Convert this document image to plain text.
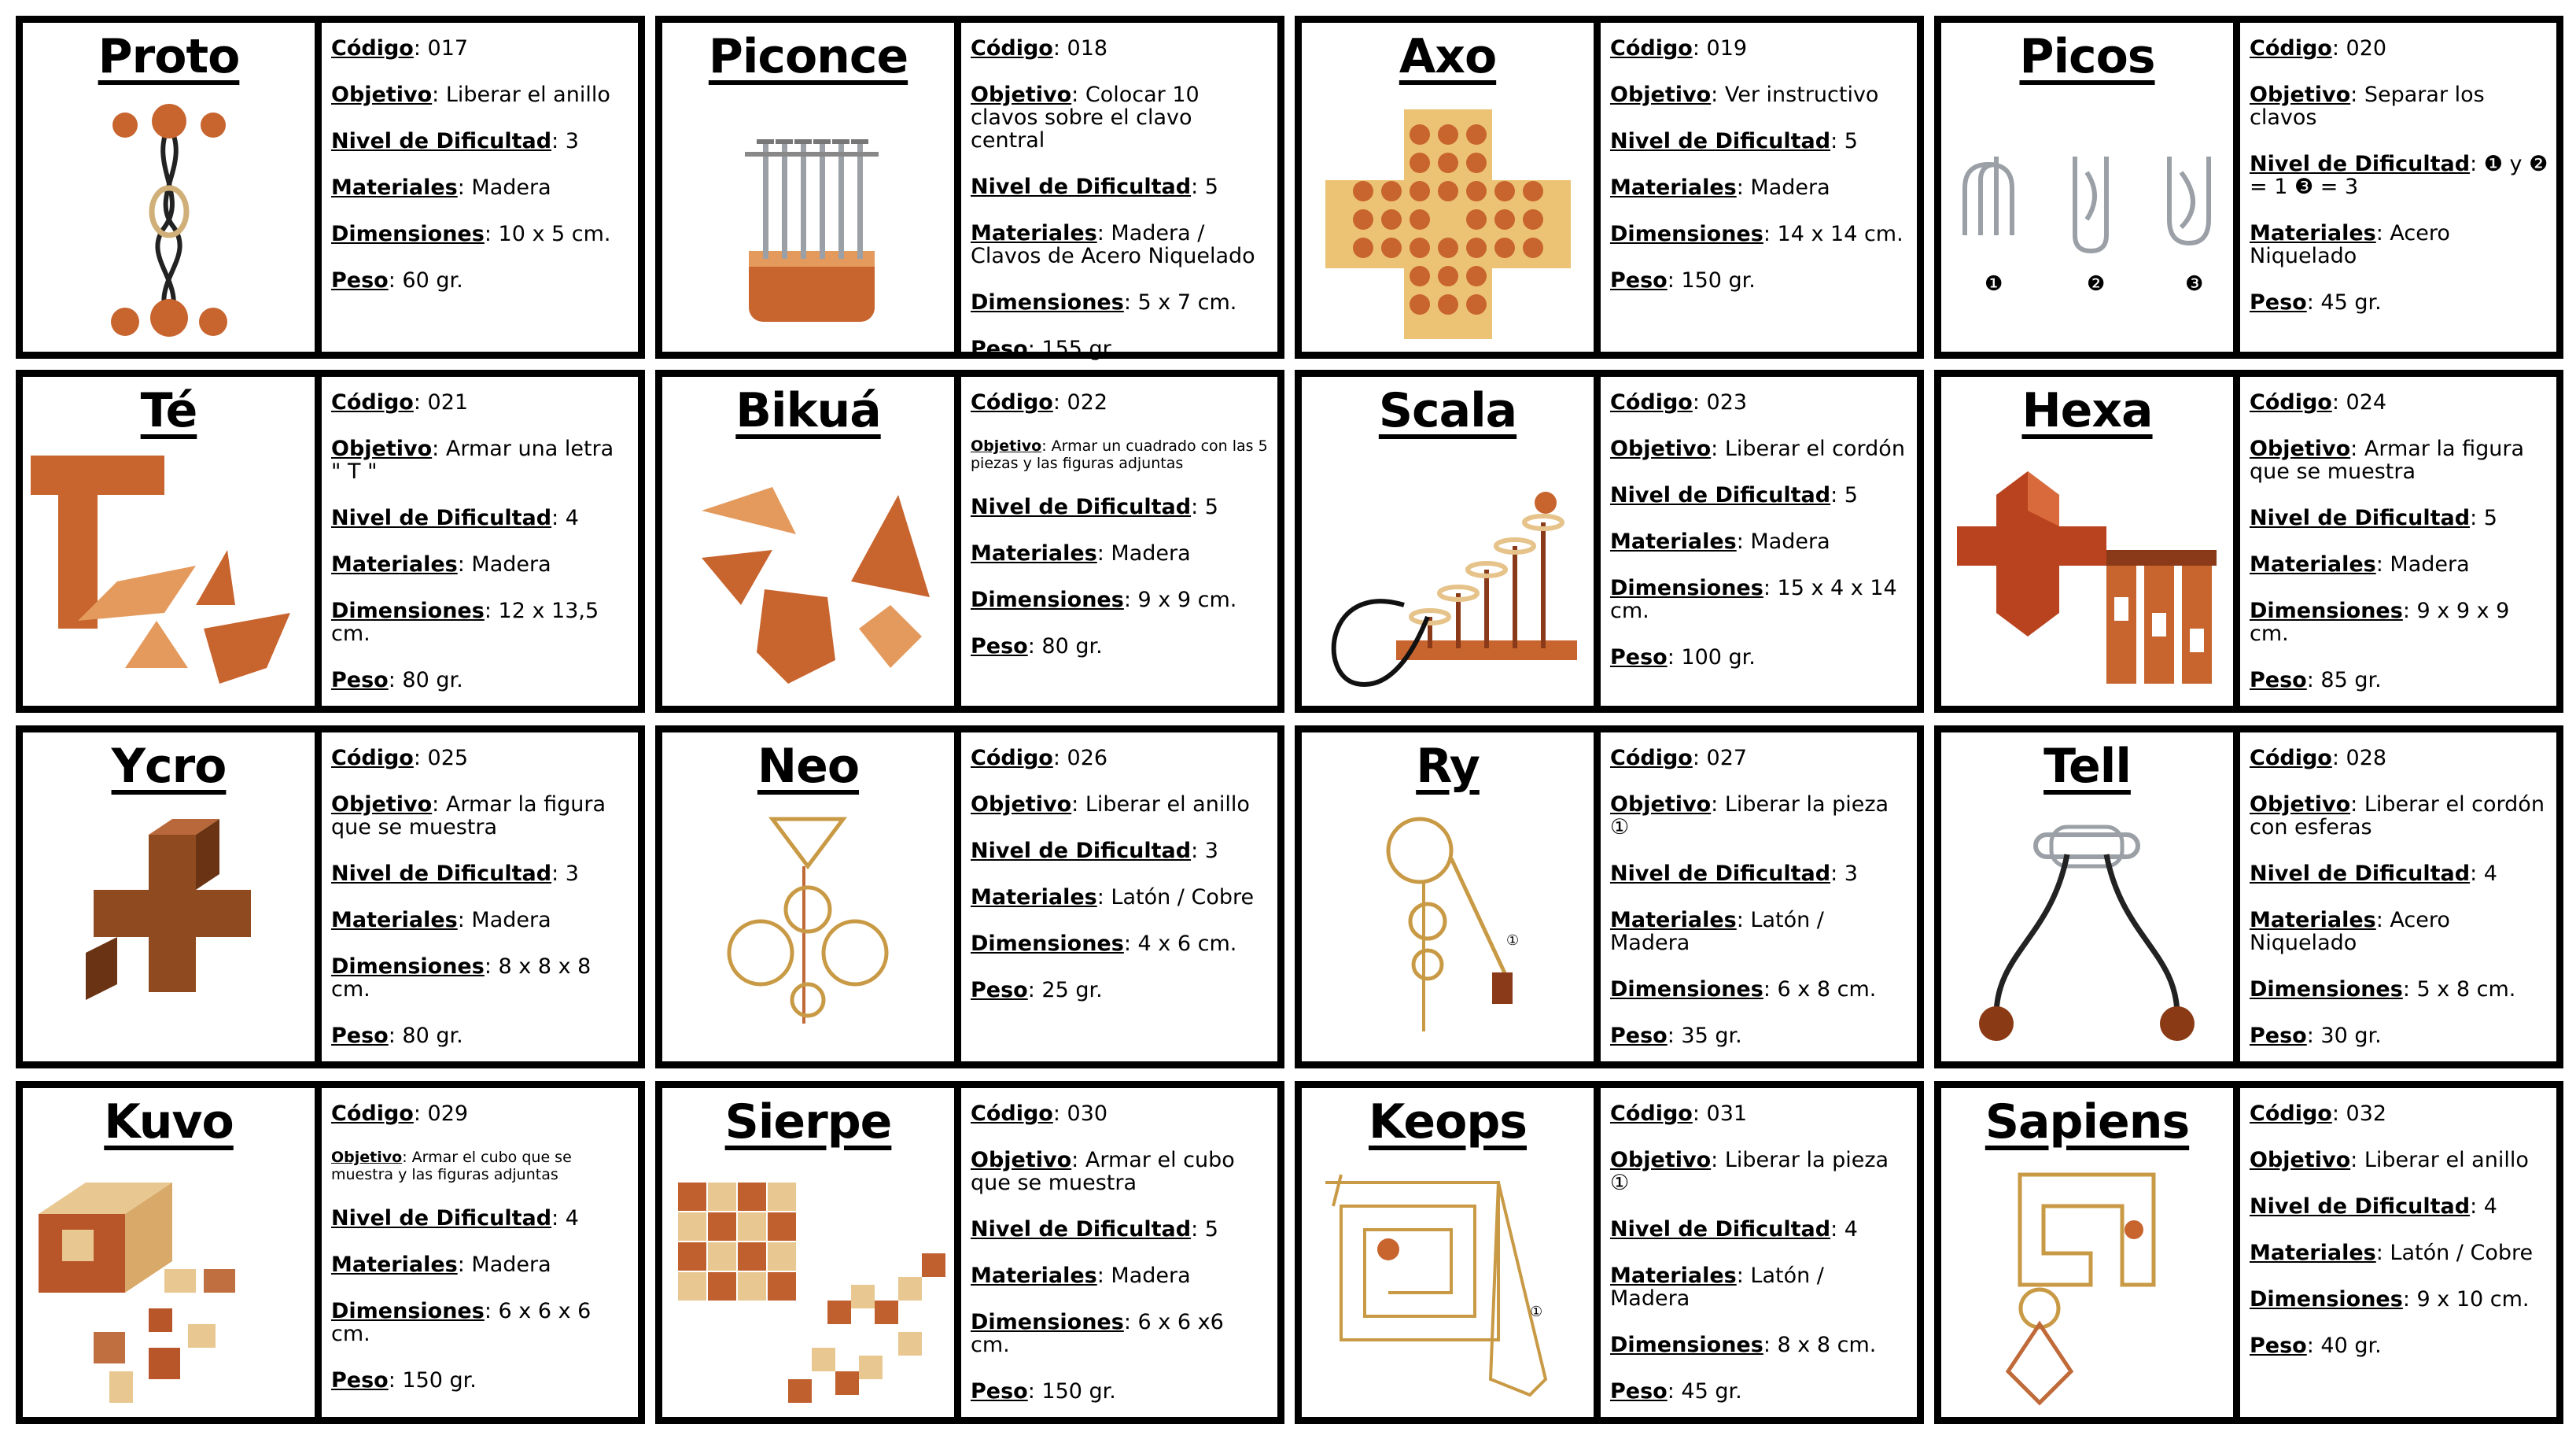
Proto	Código: 017
Objetivo: Liberar el anillo
Nivel de Dificultad: 3
Materiales: Madera
Dimensiones: 10 x 5 cm.
Peso: 60 gr.
Piconce	Código: 018
Objetivo: Colocar 10 clavos sobre el clavo central
Nivel de Dificultad: 5
Materiales: Madera / Clavos de Acero Niquelado
Dimensiones: 5 x 7 cm.
Peso: 155 gr.
Axo	Código: 019
Objetivo: Ver instructivo
Nivel de Dificultad: 5
Materiales: Madera
Dimensiones: 14 x 14 cm.
Peso: 150 gr.
Picos
❶	❷	❸
Código: 020
Objetivo: Separar los clavos
Nivel de Dificultad: ❶ y ❷ = 1 ❸ = 3
Materiales: Acero Niquelado
Peso: 45 gr.
Té	Código: 021
Objetivo: Armar una letra " T "
Nivel de Dificultad: 4
Materiales: Madera
Dimensiones: 12 x 13,5 cm.
Peso: 80 gr.
Bikuá	Código: 022
Objetivo: Armar un cuadrado con las 5 piezas y las figuras adjuntas
Nivel de Dificultad: 5
Materiales: Madera
Dimensiones: 9 x 9 cm.
Peso: 80 gr.
Scala	Código: 023
Objetivo: Liberar el cordón
Nivel de Dificultad: 5
Materiales: Madera
Dimensiones: 15 x 4 x 14 cm.
Peso: 100 gr.
Hexa	Código: 024
Objetivo: Armar la figura que se muestra
Nivel de Dificultad: 5
Materiales: Madera
Dimensiones: 9 x 9 x 9 cm.
Peso: 85 gr.
Ycro	Código: 025
Objetivo: Armar la figura que se muestra
Nivel de Dificultad: 3
Materiales: Madera
Dimensiones: 8 x 8 x 8 cm.
Peso: 80 gr.
Neo	Código: 026
Objetivo: Liberar el anillo
Nivel de Dificultad: 3
Materiales: Latón / Cobre
Dimensiones: 4 x 6 cm.
Peso: 25 gr.
Ry
①
Código: 027
Objetivo: Liberar la pieza ①
Nivel de Dificultad: 3
Materiales: Latón / Madera
Dimensiones: 6 x 8 cm.
Peso: 35 gr.
Tell	Código: 028
Objetivo: Liberar el cordón con esferas
Nivel de Dificultad: 4
Materiales: Acero Niquelado
Dimensiones: 5 x 8 cm.
Peso: 30 gr.
Kuvo	Código: 029
Objetivo: Armar el cubo que se muestra y las figuras adjuntas
Nivel de Dificultad: 4
Materiales: Madera
Dimensiones: 6 x 6 x 6 cm.
Peso: 150 gr.
Sierpe	Código: 030
Objetivo: Armar el cubo que se muestra
Nivel de Dificultad: 5
Materiales: Madera
Dimensiones: 6 x 6 x6 cm.
Peso: 150 gr.
Keops
①
Código: 031
Objetivo: Liberar la pieza ①
Nivel de Dificultad: 4
Materiales: Latón / Madera
Dimensiones: 8 x 8 cm.
Peso: 45 gr.
Sapiens	Código: 032
Objetivo: Liberar el anillo
Nivel de Dificultad: 4
Materiales: Latón / Cobre
Dimensiones: 9 x 10 cm.
Peso: 40 gr.
